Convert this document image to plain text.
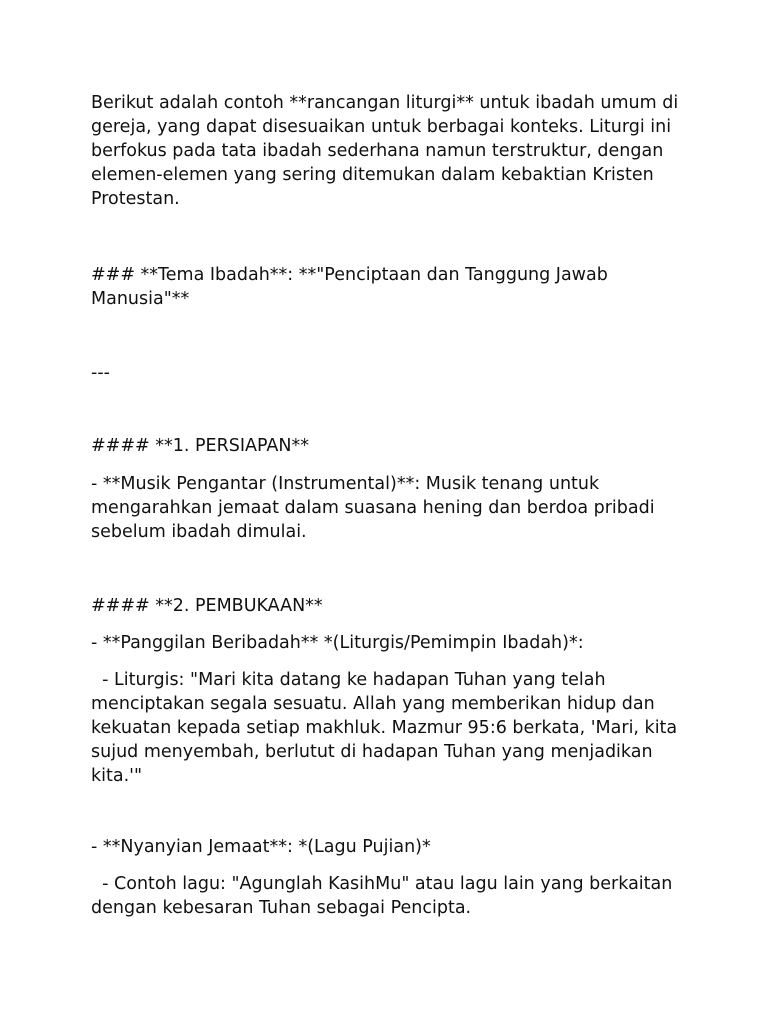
Berikut adalah contoh **rancangan liturgi** untuk ibadah umum di gereja, yang dapat disesuaikan untuk berbagai konteks. Liturgi ini berfokus pada tata ibadah sederhana namun terstruktur, dengan elemen-elemen yang sering ditemukan dalam kebaktian Kristen Protestan.

### **Tema Ibadah**: **"Penciptaan dan Tanggung Jawab Manusia"**

---

#### **1. PERSIAPAN**

- **Musik Pengantar (Instrumental)**: Musik tenang untuk mengarahkan jemaat dalam suasana hening dan berdoa pribadi sebelum ibadah dimulai.

#### **2. PEMBUKAAN**

- **Panggilan Beribadah** *(Liturgis/Pemimpin Ibadah)*:

- Liturgis: "Mari kita datang ke hadapan Tuhan yang telah menciptakan segala sesuatu. Allah yang memberikan hidup dan kekuatan kepada setiap makhluk. Mazmur 95:6 berkata, 'Mari, kita sujud menyembah, berlutut di hadapan Tuhan yang menjadikan kita.'"

- **Nyanyian Jemaat**: *(Lagu Pujian)*

- Contoh lagu: "Agunglah KasihMu" atau lagu lain yang berkaitan dengan kebesaran Tuhan sebagai Pencipta.
